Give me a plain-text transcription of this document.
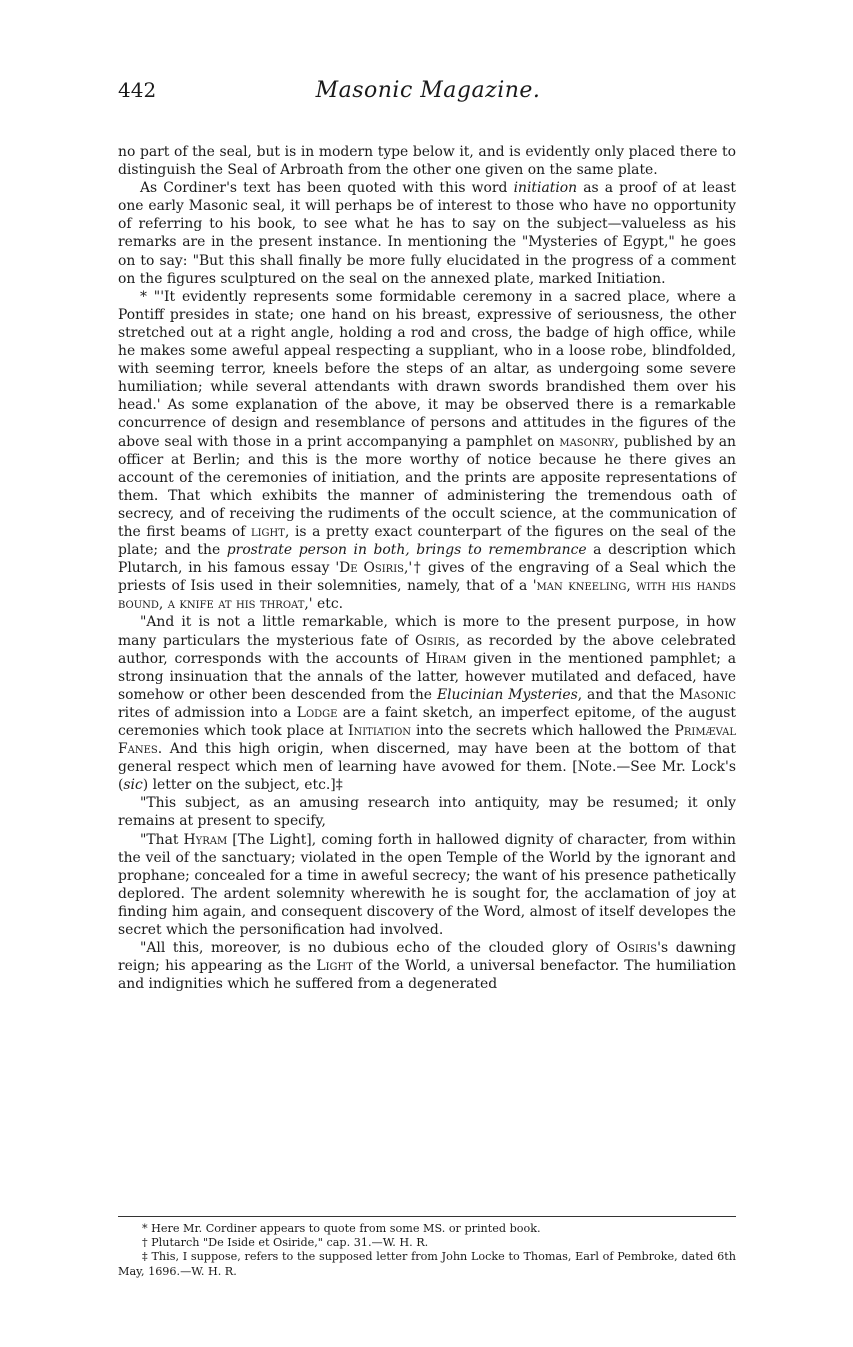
442	Masonic Magazine.

no part of the seal, but is in modern type below it, and is evidently only placed there to distinguish the Seal of Arbroath from the other one given on the same plate.

As Cordiner's text has been quoted with this word initiation as a proof of at least one early Masonic seal, it will perhaps be of interest to those who have no opportunity of referring to his book, to see what he has to say on the subject—valueless as his remarks are in the present instance. In mentioning the "Mysteries of Egypt," he goes on to say: "But this shall finally be more fully elucidated in the progress of a comment on the figures sculptured on the seal on the annexed plate, marked Initiation.

* "'It evidently represents some formidable ceremony in a sacred place, where a Pontiff presides in state; one hand on his breast, expressive of seriousness, the other stretched out at a right angle, holding a rod and cross, the badge of high office, while he makes some aweful appeal respecting a suppliant, who in a loose robe, blindfolded, with seeming terror, kneels before the steps of an altar, as undergoing some severe humiliation; while several attendants with drawn swords brandished them over his head.' As some explanation of the above, it may be observed there is a remarkable concurrence of design and resemblance of persons and attitudes in the figures of the above seal with those in a print accompanying a pamphlet on masonry, published by an officer at Berlin; and this is the more worthy of notice because he there gives an account of the ceremonies of initiation, and the prints are apposite representations of them. That which exhibits the manner of administering the tremendous oath of secrecy, and of receiving the rudiments of the occult science, at the communication of the first beams of light, is a pretty exact counterpart of the figures on the seal of the plate; and the prostrate person in both, brings to remembrance a description which Plutarch, in his famous essay 'De Osiris,'† gives of the engraving of a Seal which the priests of Isis used in their solemnities, namely, that of a 'man kneeling, with his hands bound, a knife at his throat,' etc.

"And it is not a little remarkable, which is more to the present purpose, in how many particulars the mysterious fate of Osiris, as recorded by the above celebrated author, corresponds with the accounts of Hiram given in the mentioned pamphlet; a strong insinuation that the annals of the latter, however mutilated and defaced, have somehow or other been descended from the Elucinian Mysteries, and that the Masonic rites of admission into a Lodge are a faint sketch, an imperfect epitome, of the august ceremonies which took place at Initiation into the secrets which hallowed the Primæval Fanes. And this high origin, when discerned, may have been at the bottom of that general respect which men of learning have avowed for them. [Note.—See Mr. Lock's (sic) letter on the subject, etc.]‡

"This subject, as an amusing research into antiquity, may be resumed; it only remains at present to specify,

"That Hyram [The Light], coming forth in hallowed dignity of character, from within the veil of the sanctuary; violated in the open Temple of the World by the ignorant and prophane; concealed for a time in aweful secrecy; the want of his presence pathetically deplored. The ardent solemnity wherewith he is sought for, the acclamation of joy at finding him again, and consequent discovery of the Word, almost of itself developes the secret which the personification had involved.

"All this, moreover, is no dubious echo of the clouded glory of Osiris's dawning reign; his appearing as the Light of the World, a universal benefactor. The humiliation and indignities which he suffered from a degenerated

* Here Mr. Cordiner appears to quote from some MS. or printed book.

† Plutarch "De Iside et Osiride," cap. 31.—W. H. R.

‡ This, I suppose, refers to the supposed letter from John Locke to Thomas, Earl of Pembroke, dated 6th May, 1696.—W. H. R.
